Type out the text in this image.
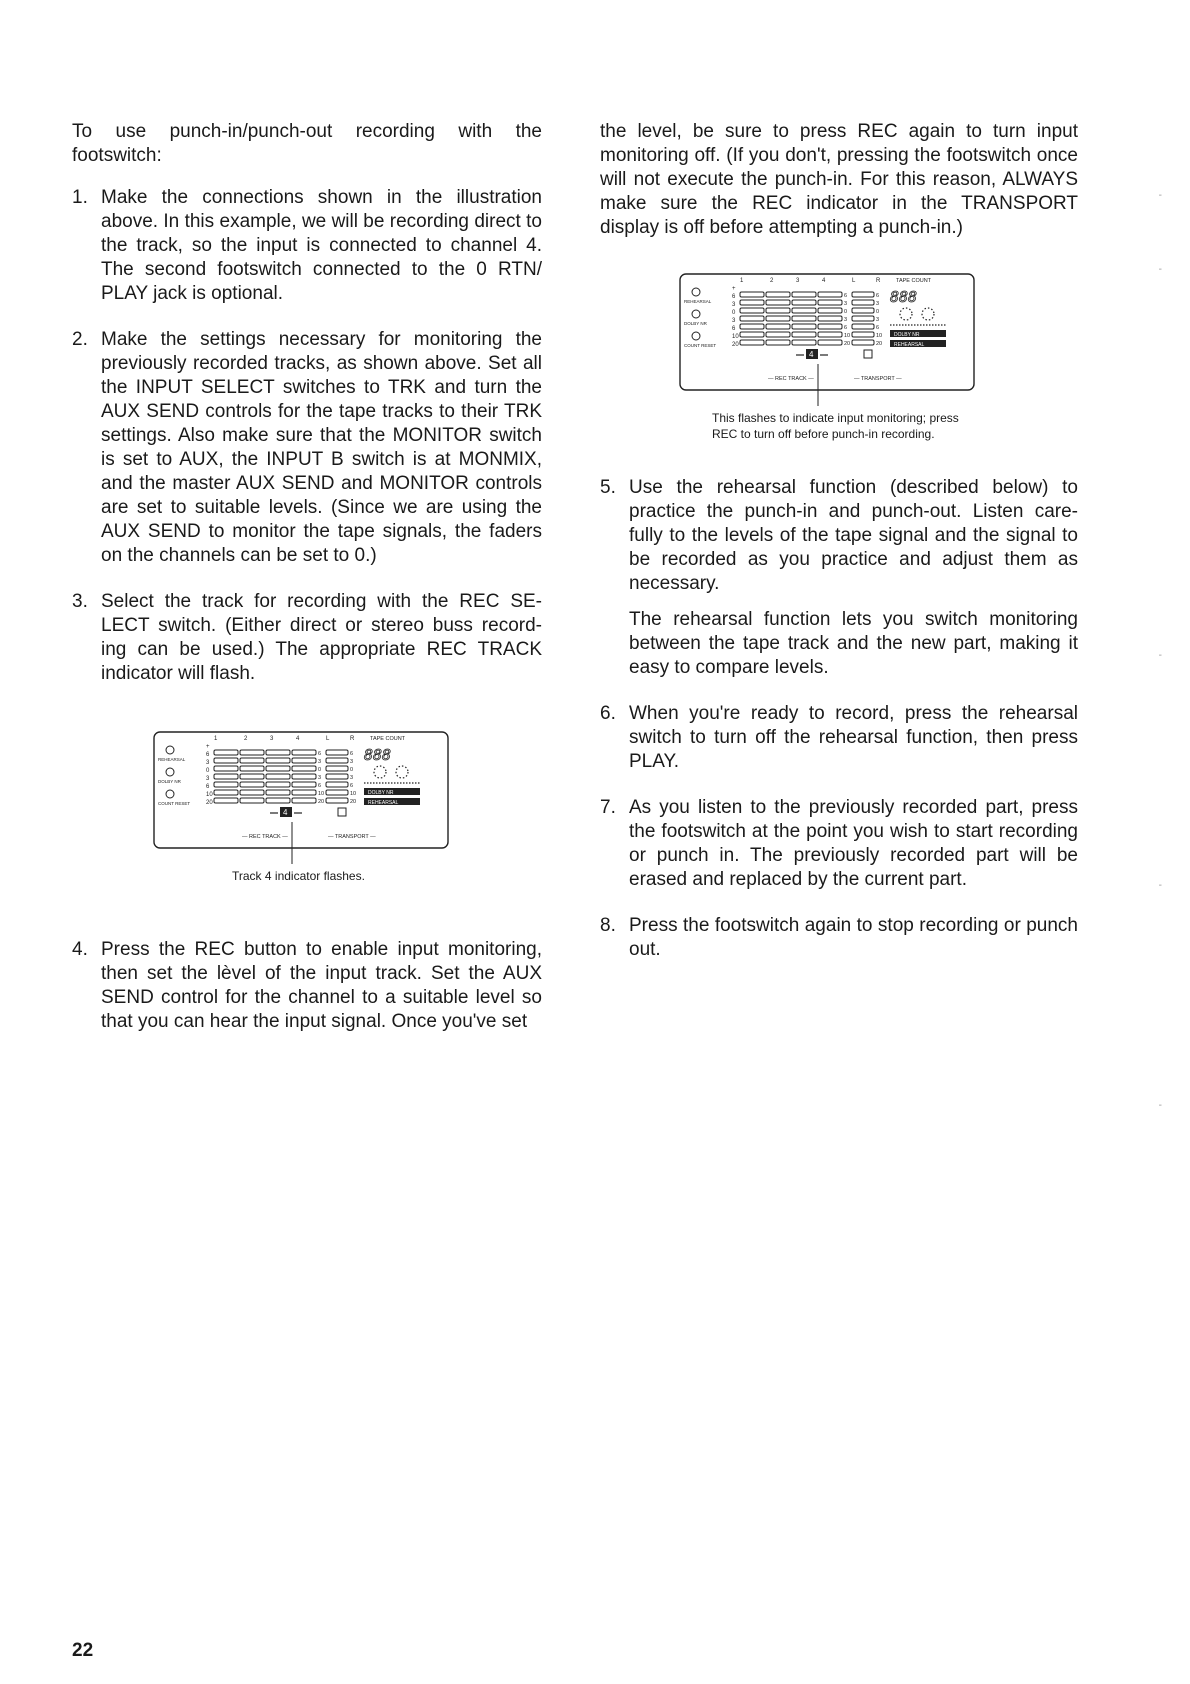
To use punch-in/punch-out recording with the footswitch:

1. Make the connections shown in the illustration above. In this example, we will be recording direct to the track, so the input is connected to channel 4. The second footswitch connected to the 0 RTN/ PLAY jack is optional.
2. Make the settings necessary for monitoring the previously recorded tracks, as shown above. Set all the INPUT SELECT switches to TRK and turn the AUX SEND controls for the tape tracks to their TRK settings. Also make sure that the MONITOR switch is set to AUX, the INPUT B switch is at MONMIX, and the master AUX SEND and MONITOR controls are set to suitable levels. (Since we are using the AUX SEND to monitor the tape signals, the faders on the channels can be set to 0.)
3. Select the track for recording with the REC SE- LECT switch. (Either direct or stereo buss record- ing can be used.) The appropriate REC TRACK indicator will flash.
1	2	3	4	L	R	TAPE COUNT
+
6
3
0
3
6
10
20
6	6
3	3
0	0
3	3
6	6
10	10
20	20
888
DOLBY NR
REHEARSAL
REHEARSAL
DOLBY NR
COUNT RESET
4
— REC TRACK —	— TRANSPORT —
Track 4 indicator flashes.
4. Press the REC button to enable input monitoring, then set the lèvel of the input track. Set the AUX SEND control for the channel to a suitable level so that you can hear the input signal. Once you've set

the level, be sure to press REC again to turn input monitoring off. (If you don't, pressing the footswitch once will not execute the punch-in. For this reason, ALWAYS make sure the REC indicator in the TRANSPORT display is off before attempting a punch-in.)

1	2	3	4	L	R	TAPE COUNT
+
6
3
0
3
6
10
20
6	6
3	3
0	0
3	3
6	6
10	10
20	20
888
DOLBY NR
REHEARSAL
REHEARSAL
DOLBY NR
COUNT RESET
4
— REC TRACK —	— TRANSPORT —
This flashes to indicate input monitoring; press
REC to turn off before punch-in recording.
5. Use the rehearsal function (described below) to practice the punch-in and punch-out. Listen care- fully to the levels of the tape signal and the signal to be recorded as you practice and adjust them as necessary.

The rehearsal function lets you switch monitoring between the tape track and the new part, making it easy to compare levels.

6. When you're ready to record, press the rehearsal switch to turn off the rehearsal function, then press PLAY.
7. As you listen to the previously recorded part, press the footswitch at the point you wish to start recording or punch in. The previously recorded part will be erased and replaced by the current part.
8. Press the footswitch again to stop recording or punch out.
-
-
-
-
-
22
